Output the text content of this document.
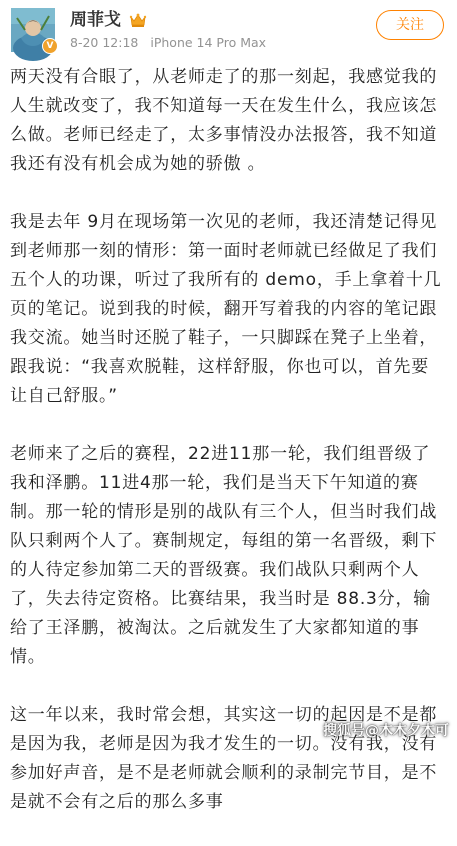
V
周菲戈
8-20 12:18 iPhone 14 Pro Max
关注

两天没有合眼了，从老师走了的那一刻起，我感觉我的人生就改变了，我不知道每一天在发生什么，我应该怎么做。老师已经走了，太多事情没办法报答，我不知道我还有没有机会成为她的骄傲 。

我是去年 9月在现场第一次见的老师，我还清楚记得见到老师那一刻的情形：第一面时老师就已经做足了我们五个人的功课，听过了我所有的 demo，手上拿着十几页的笔记。说到我的时候，翻开写着我的内容的笔记跟我交流。她当时还脱了鞋子，一只脚踩在凳子上坐着，跟我说：“我喜欢脱鞋，这样舒服，你也可以，首先要让自己舒服。”

老师来了之后的赛程，22进11那一轮，我们组晋级了我和泽鹏。11进4那一轮，我们是当天下午知道的赛制。那一轮的情形是别的战队有三个人，但当时我们战队只剩两个人了。赛制规定，每组的第一名晋级，剩下的人待定参加第二天的晋级赛。我们战队只剩两个人了，失去待定资格。比赛结果，我当时是 88.3分，输给了王泽鹏，被淘汰。之后就发生了大家都知道的事情。

这一年以来，我时常会想，其实这一切的起因是不是都是因为我，老师是因为我才发生的一切。没有我，没有参加好声音，是不是老师就会顺利的录制完节目，是不是就不会有之后的那么多事

搜狐号@木木夕木可
